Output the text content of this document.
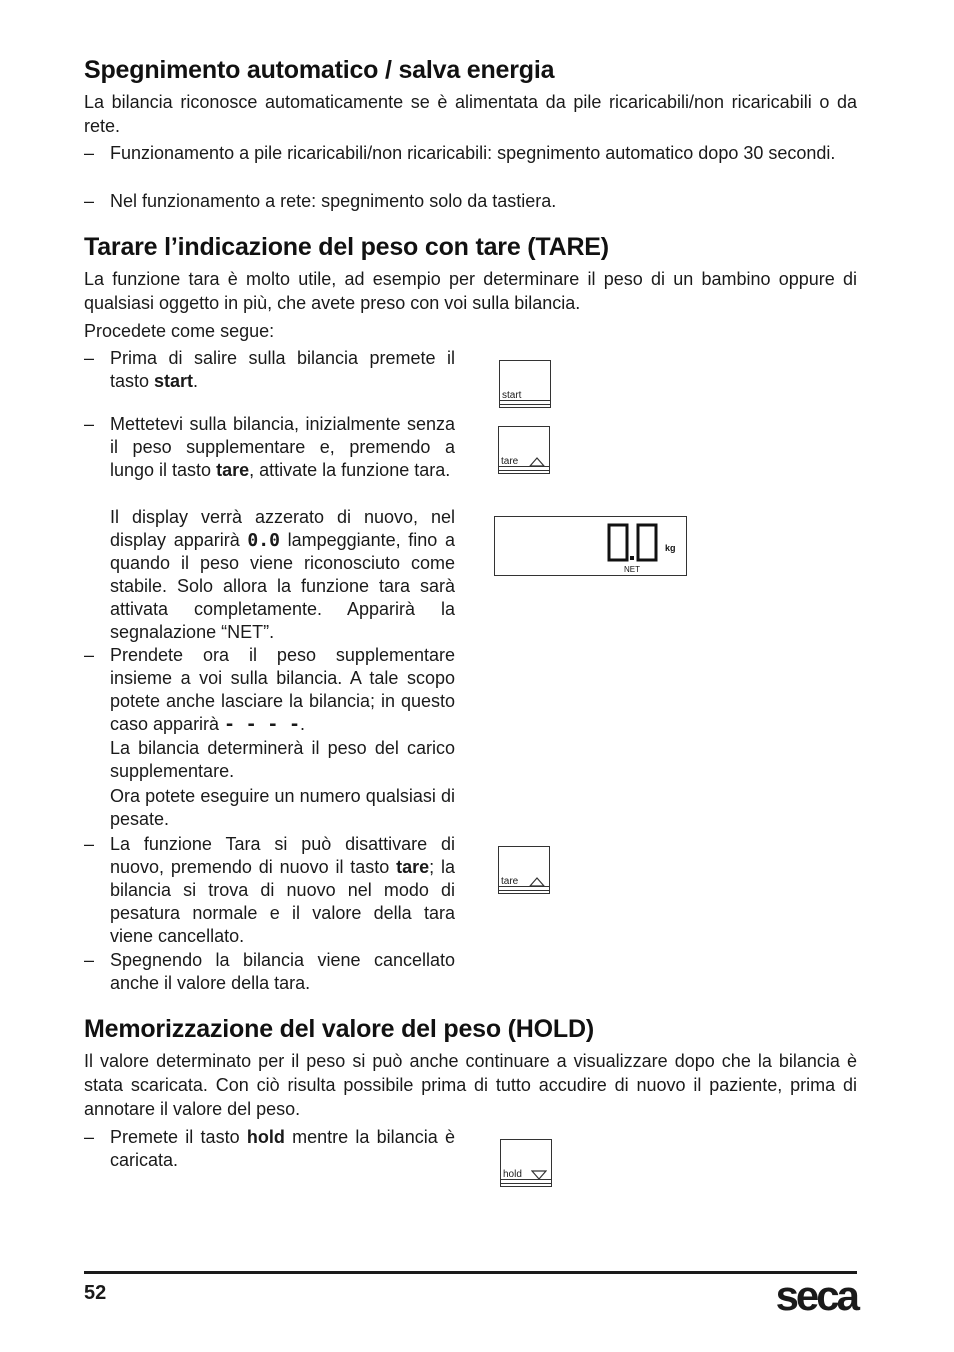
Spegnimento automatico / salva energia

La bilancia riconosce automaticamente se è alimentata da pile ricaricabili/non ricaricabili o da rete.

– Funzionamento a pile ricaricabili/non ricaricabili: spegnimento automatico dopo 30 secondi.
– Nel funzionamento a rete: spegnimento solo da tastiera.
Tarare l’indicazione del peso con tare (TARE)

La funzione tara è molto utile, ad esempio per determinare il peso di un bambino oppure di qualsiasi oggetto in più, che avete preso con voi sulla bilancia.

Procedete come segue:

– Prima di salire sulla bilancia premete il tasto start.
– Mettetevi sulla bilancia, inizialmente senza il peso supplementare e, premendo a lungo il tasto tare, attivate la funzione tara.

Il display verrà azzerato di nuovo, nel display apparirà 0.0 lampeggiante, fino a quando il peso viene riconosciuto come stabile. Solo allora la funzione tara sarà attivata completamente. Apparirà la segnalazione “NET”.

– Prendete ora il peso supplementare insieme a voi sulla bilancia. A tale scopo potete anche lasciare la bilancia; in questo caso apparirà - - - -.

La bilancia determinerà il peso del carico supplementare.

Ora potete eseguire un numero qualsiasi di pesate.

– La funzione Tara si può disattivare di nuovo, premendo di nuovo il tasto tare; la bilancia si trova di nuovo nel modo di pesatura normale e il valore della tara viene cancellato.
– Spegnendo la bilancia viene cancellato anche il valore della tara.
start
tare
kg
NET
tare
Memorizzazione del valore del peso (HOLD)

Il valore determinato per il peso si può anche continuare a visualizzare dopo che la bilancia è stata scaricata. Con ciò risulta possibile prima di tutto accudire di nuovo il paziente, prima di annotare il valore del peso.

– Premete il tasto hold mentre la bilancia è caricata.
hold
52	seca
